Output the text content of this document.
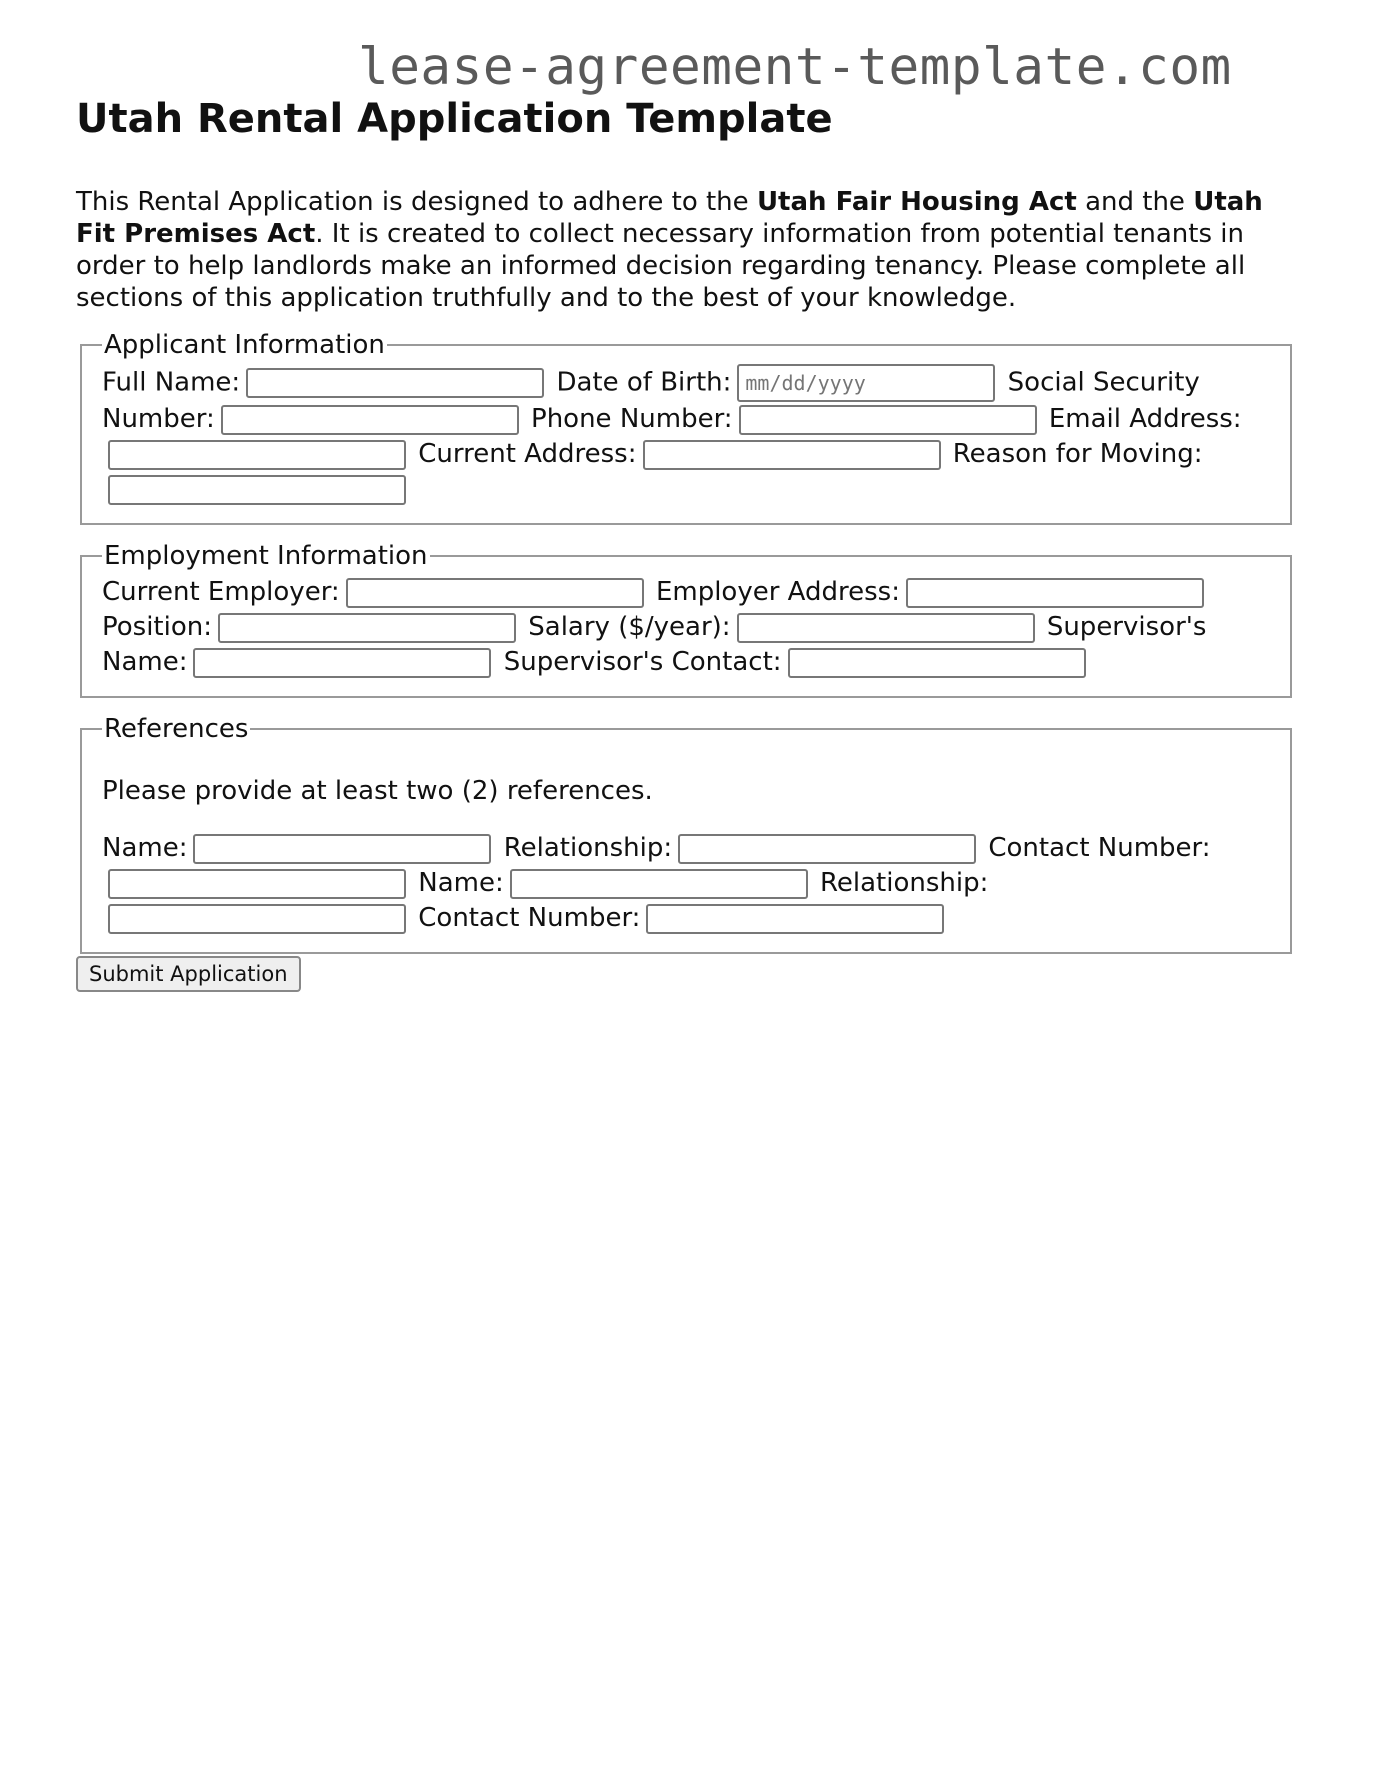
lease-agreement-template.com
Utah Rental Application Template

This Rental Application is designed to adhere to the Utah Fair Housing Act and the Utah Fit Premises Act. It is created to collect necessary information from potential tenants in order to help landlords make an informed decision regarding tenancy. Please complete all sections of this application truthfully and to the best of your knowledge.

Applicant Information
Full Name:	Date of Birth:mm/dd/yyyy	Social Security Number:	Phone Number:	Email Address: Current Address:	Reason for Moving:
Employment Information
Current Employer:	Employer Address: Position:	Salary ($/year):	Supervisor's Name:	Supervisor's Contact:
References

Please provide at least two (2) references.

Name:	Relationship:	Contact Number: Name:	Relationship: Contact Number:
Submit Application
